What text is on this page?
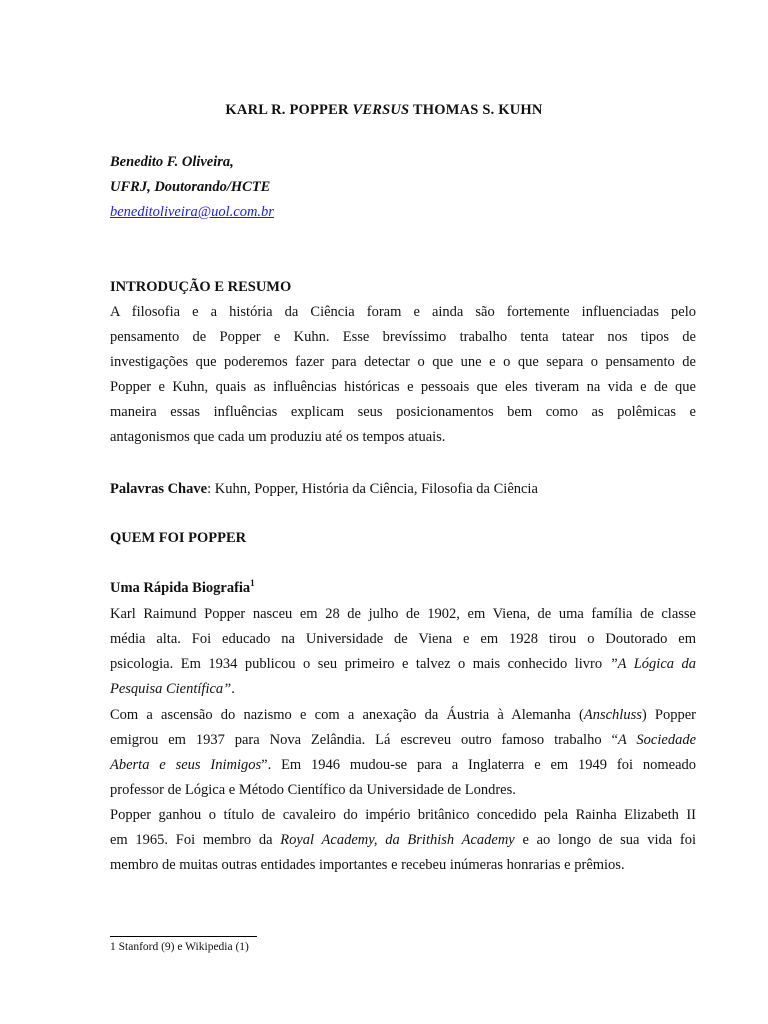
KARL R. POPPER VERSUS THOMAS S. KUHN
Benedito F. Oliveira,
UFRJ, Doutorando/HCTE
beneditoliveira@uol.com.br
INTRODUÇÃO E RESUMO
A filosofia e a história da Ciência foram e ainda são fortemente influenciadas pelo
pensamento de Popper e Kuhn. Esse brevíssimo trabalho tenta tatear nos tipos de
investigações que poderemos fazer para detectar o que une e o que separa o pensamento de
Popper e Kuhn, quais as influências históricas e pessoais que eles tiveram na vida e de que
maneira essas influências explicam seus posicionamentos bem como as polêmicas e
antagonismos que cada um produziu até os tempos atuais.
Palavras Chave: Kuhn, Popper, História da Ciência, Filosofia da Ciência
QUEM FOI POPPER
Uma Rápida Biografia$^1$
Karl Raimund Popper nasceu em 28 de julho de 1902, em Viena, de uma família de classe
média alta. Foi educado na Universidade de Viena e em 1928 tirou o Doutorado em
psicologia. Em 1934 publicou o seu primeiro e talvez o mais conhecido livro ”A Lógica da
Pesquisa Científica”.
Com a ascensão do nazismo e com a anexação da Áustria à Alemanha (Anschluss) Popper
emigrou em 1937 para Nova Zelândia. Lá escreveu outro famoso trabalho “A Sociedade
Aberta e seus Inimigos”. Em 1946 mudou-se para a Inglaterra e em 1949 foi nomeado
professor de Lógica e Método Científico da Universidade de Londres.
Popper ganhou o título de cavaleiro do império britânico concedido pela Rainha Elizabeth II
em 1965. Foi membro da Royal Academy, da Brithish Academy e ao longo de sua vida foi
membro de muitas outras entidades importantes e recebeu inúmeras honrarias e prêmios.
1 Stanford (9) e Wikipedia (1)
